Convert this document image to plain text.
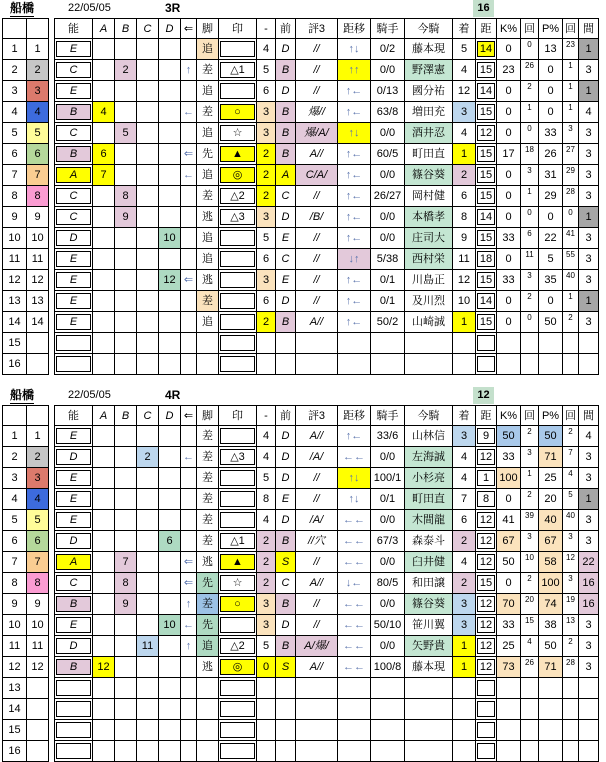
船橋	22/05/05	3R	16
			能	A	B	C	D	⇐	脚	印	-	前	評3	距移	騎手	今騎	着	距	K%	回	P%	回	間
1	1		E						追		4	D	//	↑↓	0/2	藤本現	5	14	0	0	13	23	1
2	2		C		2			↑	差	△1	5	B	//	↑↑	0/0	野澤憲	4	15	23	26	0	1	3
3	3		E						追		6	D	//	↑←	0/13	國分祐	12	14	0	2	0	1	1
4	4		B	4				←	差	○	3	B	爆//	↑←	63/8	増田充	3	15	0	1	0	1	4
5	5		C		5				追	☆	3	B	爆/A/	↑↓	0/0	酒井忍	4	12	0	0	33	3	3
6	6		B	6				⇐	先	▲	2	B	A//	↑←	60/5	町田直	1	15	17	18	26	27	3
7	7		A	7				←	追	◎	2	A	C/A/	↑←	0/0	篠谷葵	2	15	0	3	31	29	3
8	8		C		8				差	△2	2	C	//	↑←	26/27	岡村健	6	15	0	1	29	28	3
9	9		C		9				逃	△3	3	D	/B/	↑←	0/0	本橋孝	8	14	0	0	0	0	1
10	10		D				10		追		5	E	//	↑←	0/0	庄司大	9	15	33	6	22	41	3
11	11		E						追		6	C	//	↓↑	5/38	西村栄	11	18	0	11	5	55	3
12	12		E				12	⇐	逃		3	E	//	↑←	0/1	川島正	12	15	33	3	35	40	3
13	13		E						差		6	D	//	↑←	0/1	及川烈	10	14	0	2	0	1	1
14	14		E						追		2	B	A//	↑←	50/2	山崎誠	1	15	0	0	50	2	3
15			

16			

船橋	22/05/05	4R	12
			能	A	B	C	D	⇐	脚	印	-	前	評3	距移	騎手	今騎	着	距	K%	回	P%	回	間
1	1		E						差		4	D	A//	↑←	33/6	山林信	3	9	50	2	50	2	4
2	2		D			2		←	差	△3	4	D	/A/	←←	0/0	左海誠	4	12	33	3	71	7	3
3	3		E						差		5	D	//	↑↓	100/1	小杉亮	4	1	100	1	25	4	3
4	4		E						差		8	E	//	↑↓	0/1	町田直	7	8	0	2	20	5	1
5	5		E						差		4	D	/A/	←←	0/0	木間龍	6	12	41	39	40	40	3
6	6		D				6		差	△1	2	B	//穴	←←	67/3	森泰斗	2	12	67	3	67	3	3
7	7		A		7			⇐	逃	▲	2	S	//	←←	0/0	臼井健	4	12	50	10	58	12	22
8	8		C		8			⇐	先	☆	2	C	A//	↓←	80/5	和田譲	2	15	0	2	100	3	16
9	9		B		9			↑	差	○	3	B	//	←←	0/0	篠谷葵	3	12	70	20	74	19	16
10	10		E				10	←	先		3	D	//	←←	50/10	笹川翼	3	12	33	15	38	13	3
11	11		D			11		↑	追	△2	5	B	A/爆/	←←	0/0	矢野貴	1	12	25	4	50	2	3
12	12		B	12					逃	◎	0	S	A//	←←	100/8	藤本現	1	12	73	26	71	28	3
13			

14			

15			

16			
